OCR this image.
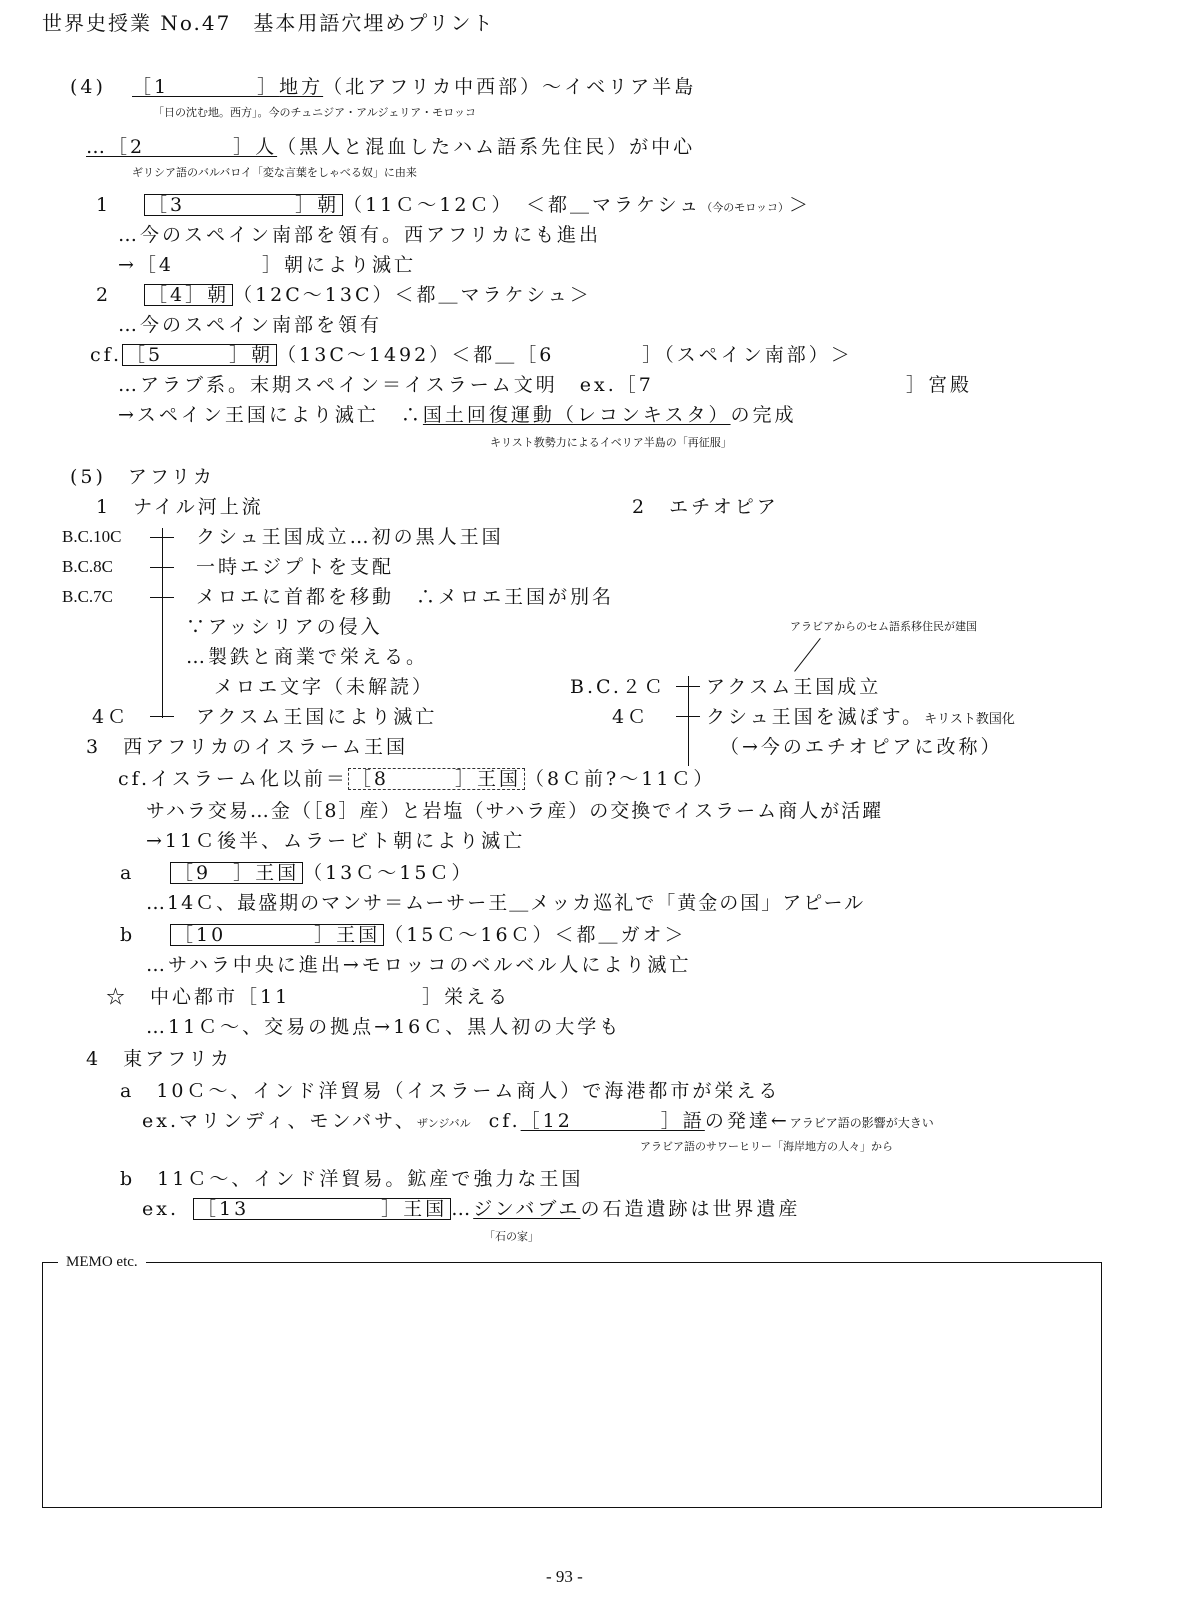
世界史授業 No.47　基本用語穴埋めプリント
(4) ［1　　　　］地方（北アフリカ中西部）～イベリア半島
「日の沈む地。西方」。今のチュニジア・アルジェリア・モロッコ
…［2　　　　］人（黒人と混血したハム語系先住民）が中心
ギリシア語のバルバロイ「変な言葉をしゃべる奴」に由来
1 ［3　　　　　］朝 （11Ｃ～12Ｃ）　＜都＿マラケシュ（今のモロッコ）＞
…今のスペイン南部を領有。西アフリカにも進出
→［4　　　　］朝により滅亡
2 ［4］朝 （12C～13C）＜都＿マラケシュ＞
…今のスペイン南部を領有
cf. ［5　　　］朝 （13C～1492）＜都＿［6　　　　］（スペイン南部）＞
…アラブ系。末期スペイン＝イスラーム文明　ex.［7	］宮殿
→スペイン王国により滅亡　∴国土回復運動（レコンキスタ）の完成
キリスト教勢力によるイベリア半島の「再征服」
(5)　アフリカ
1　ナイル河上流	2　エチオピア
B.C.10C	クシュ王国成立…初の黒人王国
B.C.8C	一時エジプトを支配
B.C.7C	メロエに首都を移動　∴メロエ王国が別名
∵アッシリアの侵入
…製鉄と商業で栄える。
メロエ文字（未解読）
4Ｃ	アクスム王国により滅亡
アラビアからのセム語系移住民が建国
B.C.２Ｃ アクスム王国成立
4Ｃ	クシュ王国を滅ぼす。キリスト教国化
（→今のエチオピアに改称）
3　西アフリカのイスラーム王国
cf.イスラーム化以前＝ ［8　　　］王国 （8Ｃ前?～11Ｃ）
サハラ交易…金（［8］産）と岩塩（サハラ産）の交換でイスラーム商人が活躍
→11Ｃ後半、ムラービト朝により滅亡
a ［9　］王国 （13Ｃ～15Ｃ）
…14Ｃ、最盛期のマンサ＝ムーサー王＿メッカ巡礼で「黄金の国」アピール
b ［10　　　　］王国 （15Ｃ～16Ｃ）＜都＿ガオ＞
…サハラ中央に進出→モロッコのベルベル人により滅亡
☆　中心都市［11　　　　　　］栄える
…11Ｃ～、交易の拠点→16Ｃ、黒人初の大学も
4　東アフリカ
a　10Ｃ～、インド洋貿易（イスラーム商人）で海港都市が栄える
ex.マリンディ、モンバサ、ザンジバル cf.［12　　　　］語の発達←アラビア語の影響が大きい
アラビア語のサワーヒリー「海岸地方の人々」から
b　11Ｃ～、インド洋貿易。鉱産で強力な王国
ex. ［13　　　　　　］王国 …ジンバブエの石造遺跡は世界遺産
「石の家」
MEMO etc.
- 93 -
